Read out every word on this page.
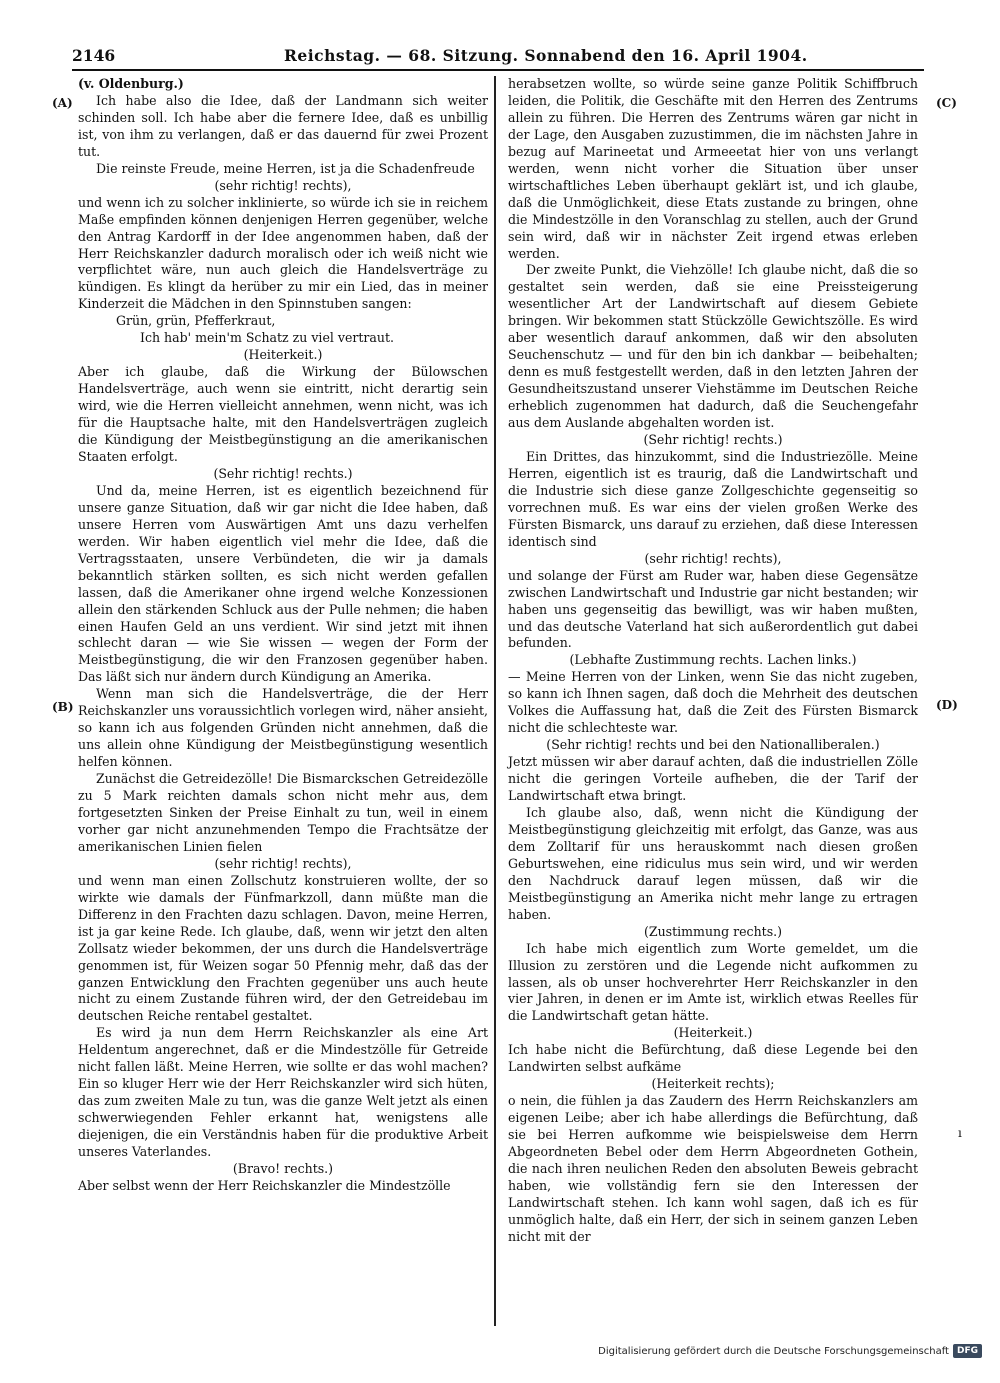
2146	Reichstag. — 68. Sitzung. Sonnabend den 16. April 1904.
(A)
(B)
(C)
(D)

(v. Oldenburg.)

Ich habe also die Idee, daß der Landmann sich weiter schinden soll. Ich habe aber die fernere Idee, daß es unbillig ist, von ihm zu verlangen, daß er das dauernd für zwei Prozent tut.

Die reinste Freude, meine Herren, ist ja die Schadenfreude

(sehr richtig! rechts),

und wenn ich zu solcher inklinierte, so würde ich sie in reichem Maße empfinden können denjenigen Herren gegenüber, welche den Antrag Kardorff in der Idee angenommen haben, daß der Herr Reichskanzler dadurch moralisch oder ich weiß nicht wie verpflichtet wäre, nun auch gleich die Handelsverträge zu kündigen. Es klingt da herüber zu mir ein Lied, das in meiner Kinderzeit die Mädchen in den Spinnstuben sangen:

Grün, grün, Pfefferkraut,

Ich hab' mein'm Schatz zu viel vertraut.

(Heiterkeit.)

Aber ich glaube, daß die Wirkung der Bülowschen Handelsverträge, auch wenn sie eintritt, nicht derartig sein wird, wie die Herren vielleicht annehmen, wenn nicht, was ich für die Hauptsache halte, mit den Handelsverträgen zugleich die Kündigung der Meistbegünstigung an die amerikanischen Staaten erfolgt.

(Sehr richtig! rechts.)

Und da, meine Herren, ist es eigentlich bezeichnend für unsere ganze Situation, daß wir gar nicht die Idee haben, daß unsere Herren vom Auswärtigen Amt uns dazu verhelfen werden. Wir haben eigentlich viel mehr die Idee, daß die Vertragsstaaten, unsere Verbündeten, die wir ja damals bekanntlich stärken sollten, es sich nicht werden gefallen lassen, daß die Amerikaner ohne irgend welche Konzessionen allein den stärkenden Schluck aus der Pulle nehmen; die haben einen Haufen Geld an uns verdient. Wir sind jetzt mit ihnen schlecht daran — wie Sie wissen — wegen der Form der Meistbegünstigung, die wir den Franzosen gegenüber haben. Das läßt sich nur ändern durch Kündigung an Amerika.

Wenn man sich die Handelsverträge, die der Herr Reichskanzler uns voraussichtlich vorlegen wird, näher ansieht, so kann ich aus folgenden Gründen nicht annehmen, daß die uns allein ohne Kündigung der Meistbegünstigung wesentlich helfen können.

Zunächst die Getreidezölle! Die Bismarckschen Getreidezölle zu 5 Mark reichten damals schon nicht mehr aus, dem fortgesetzten Sinken der Preise Einhalt zu tun, weil in einem vorher gar nicht anzunehmenden Tempo die Frachtsätze der amerikanischen Linien fielen

(sehr richtig! rechts),

und wenn man einen Zollschutz konstruieren wollte, der so wirkte wie damals der Fünfmarkzoll, dann müßte man die Differenz in den Frachten dazu schlagen. Davon, meine Herren, ist ja gar keine Rede. Ich glaube, daß, wenn wir jetzt den alten Zollsatz wieder bekommen, der uns durch die Handelsverträge genommen ist, für Weizen sogar 50 Pfennig mehr, daß das der ganzen Entwicklung den Frachten gegenüber uns auch heute nicht zu einem Zustande führen wird, der den Getreidebau im deutschen Reiche rentabel gestaltet.

Es wird ja nun dem Herrn Reichskanzler als eine Art Heldentum angerechnet, daß er die Mindestzölle für Getreide nicht fallen läßt. Meine Herren, wie sollte er das wohl machen? Ein so kluger Herr wie der Herr Reichskanzler wird sich hüten, das zum zweiten Male zu tun, was die ganze Welt jetzt als einen schwerwiegenden Fehler erkannt hat, wenigstens alle diejenigen, die ein Verständnis haben für die produktive Arbeit unseres Vaterlandes.

(Bravo! rechts.)

Aber selbst wenn der Herr Reichskanzler die Mindestzölle

herabsetzen wollte, so würde seine ganze Politik Schiffbruch leiden, die Politik, die Geschäfte mit den Herren des Zentrums allein zu führen. Die Herren des Zentrums wären gar nicht in der Lage, den Ausgaben zuzustimmen, die im nächsten Jahre in bezug auf Marineetat und Armeeetat hier von uns verlangt werden, wenn nicht vorher die Situation über unser wirtschaftliches Leben überhaupt geklärt ist, und ich glaube, daß die Unmöglichkeit, diese Etats zustande zu bringen, ohne die Mindestzölle in den Voranschlag zu stellen, auch der Grund sein wird, daß wir in nächster Zeit irgend etwas erleben werden.

Der zweite Punkt, die Viehzölle! Ich glaube nicht, daß die so gestaltet sein werden, daß sie eine Preissteigerung wesentlicher Art der Landwirtschaft auf diesem Gebiete bringen. Wir bekommen statt Stückzölle Gewichtszölle. Es wird aber wesentlich darauf ankommen, daß wir den absoluten Seuchenschutz — und für den bin ich dankbar — beibehalten; denn es muß festgestellt werden, daß in den letzten Jahren der Gesundheitszustand unserer Viehstämme im Deutschen Reiche erheblich zugenommen hat dadurch, daß die Seuchengefahr aus dem Auslande abgehalten worden ist.

(Sehr richtig! rechts.)

Ein Drittes, das hinzukommt, sind die Industriezölle. Meine Herren, eigentlich ist es traurig, daß die Landwirtschaft und die Industrie sich diese ganze Zollgeschichte gegenseitig so vorrechnen muß. Es war eins der vielen großen Werke des Fürsten Bismarck, uns darauf zu erziehen, daß diese Interessen identisch sind

(sehr richtig! rechts),

und solange der Fürst am Ruder war, haben diese Gegensätze zwischen Landwirtschaft und Industrie gar nicht bestanden; wir haben uns gegenseitig das bewilligt, was wir haben mußten, und das deutsche Vaterland hat sich außerordentlich gut dabei befunden.

(Lebhafte Zustimmung rechts. Lachen links.)

— Meine Herren von der Linken, wenn Sie das nicht zugeben, so kann ich Ihnen sagen, daß doch die Mehrheit des deutschen Volkes die Auffassung hat, daß die Zeit des Fürsten Bismarck nicht die schlechteste war.

(Sehr richtig! rechts und bei den Nationalliberalen.)

Jetzt müssen wir aber darauf achten, daß die industriellen Zölle nicht die geringen Vorteile aufheben, die der Tarif der Landwirtschaft etwa bringt.

Ich glaube also, daß, wenn nicht die Kündigung der Meistbegünstigung gleichzeitig mit erfolgt, das Ganze, was aus dem Zolltarif für uns herauskommt nach diesen großen Geburtswehen, eine ridiculus mus sein wird, und wir werden den Nachdruck darauf legen müssen, daß wir die Meistbegünstigung an Amerika nicht mehr lange zu ertragen haben.

(Zustimmung rechts.)

Ich habe mich eigentlich zum Worte gemeldet, um die Illusion zu zerstören und die Legende nicht aufkommen zu lassen, als ob unser hochverehrter Herr Reichskanzler in den vier Jahren, in denen er im Amte ist, wirklich etwas Reelles für die Landwirtschaft getan hätte.

(Heiterkeit.)

Ich habe nicht die Befürchtung, daß diese Legende bei den Landwirten selbst aufkäme

(Heiterkeit rechts);

o nein, die fühlen ja das Zaudern des Herrn Reichskanzlers am eigenen Leibe; aber ich habe allerdings die Befürchtung, daß sie bei Herren aufkomme wie beispielsweise dem Herrn Abgeordneten Bebel oder dem Herrn Abgeordneten Gothein, die nach ihren neulichen Reden den absoluten Beweis gebracht haben, wie vollständig fern sie den Interessen der Landwirtschaft stehen. Ich kann wohl sagen, daß ich es für unmöglich halte, daß ein Herr, der sich in seinem ganzen Leben nicht mit der

ı
Digitalisierung gefördert durch die Deutsche Forschungsgemeinschaft DFG
